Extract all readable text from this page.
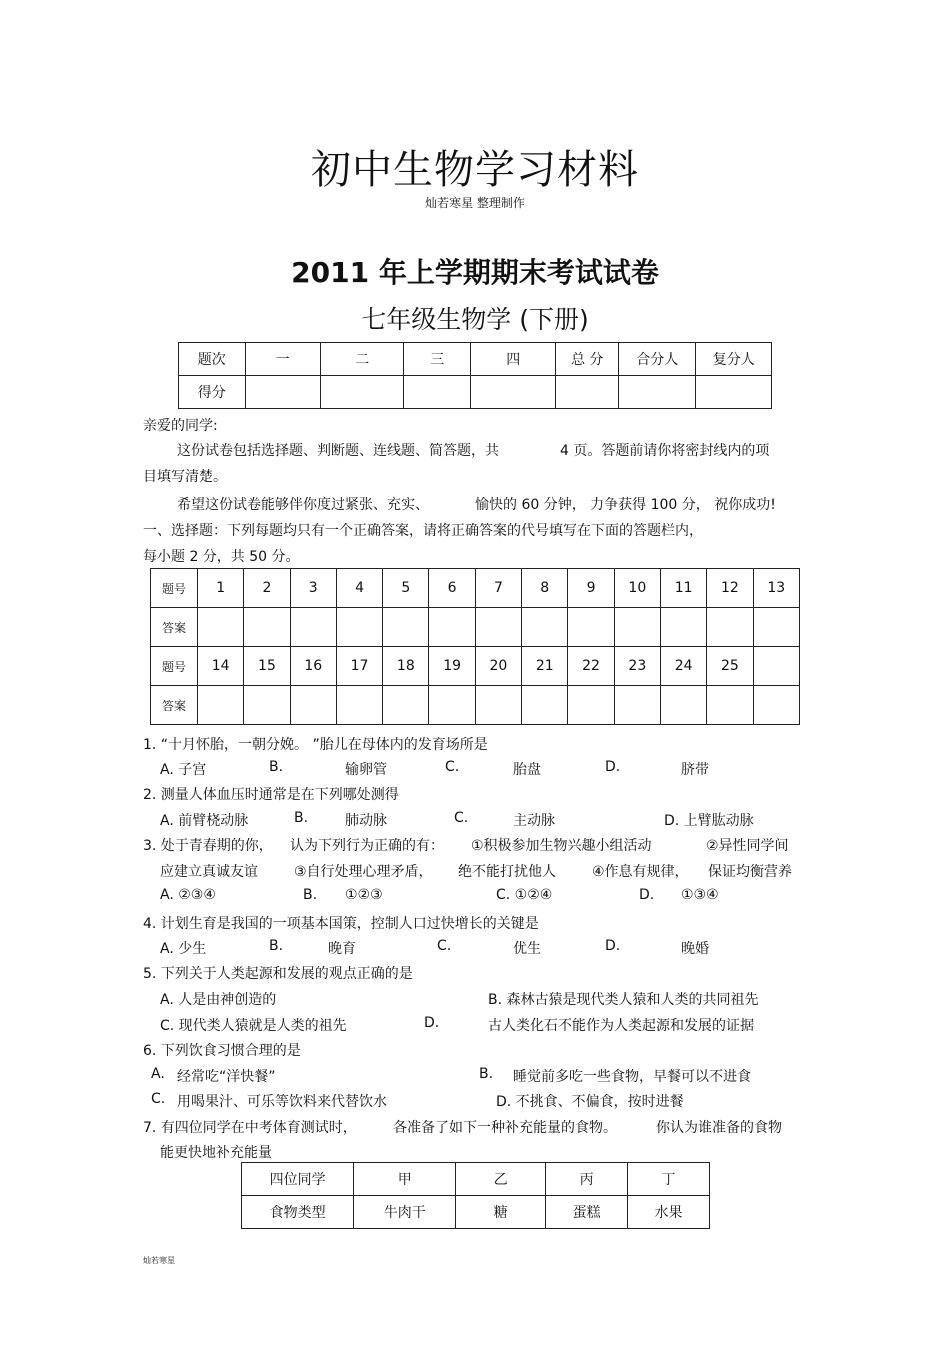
初中生物学习材料
灿若寒星 整理制作
2011 年上学期期末考试试卷
七年级生物学 (下册)
题次	一	二	三	四	总 分	合分人	复分人
得分							
亲爱的同学:
这份试卷包括选择题、判断题、连线题、简答题，共	4 页。答题前请你将密封线内的项
目填写清楚。
希望这份试卷能够伴你度过紧张、充实、	愉快的 60 分钟， 力争获得 100 分， 祝你成功!
一、选择题：下列每题均只有一个正确答案，请将正确答案的代号填写在下面的答题栏内，
每小题 2 分，共 50 分。
题号	1	2	3	4	5	6	7	8	9	10	11	12	13
答案													
题号	14	15	16	17	18	19	20	21	22	23	24	25	
答案													
1. “十月怀胎，一朝分娩。 ”胎儿在母体内的发育场所是
A. 子宫	B.	输卵管	C.	胎盘	D.	脐带
2. 测量人体血压时通常是在下列哪处测得
A. 前臂桡动脉	B.	肺动脉	C.	主动脉	D. 上臂肱动脉
3. 处于青春期的你， 认为下列行为正确的有： ①积极参加生物兴趣小组活动	②异性同学间
应建立真诚友谊	③自行处理心理矛盾， 绝不能打扰他人	④作息有规律， 保证均衡营养
A. ②③④	B. ①②③	C. ①②④	D. ①③④
4. 计划生育是我国的一项基本国策，控制人口过快增长的关键是
A. 少生	B.	晚育	C.	优生	D.	晚婚
5. 下列关于人类起源和发展的观点正确的是
A. 人是由神创造的	B. 森林古猿是现代类人猿和人类的共同祖先
C. 现代类人猿就是人类的祖先	D.	古人类化石不能作为人类起源和发展的证据
6. 下列饮食习惯合理的是
A. 经常吃“洋快餐”	B. 睡觉前多吃一些食物，早餐可以不进食
C. 用喝果汁、可乐等饮料来代替饮水	D. 不挑食、不偏食，按时进餐
7. 有四位同学在中考体育测试时，	各准备了如下一种补充能量的食物。	你认为谁准备的食物
能更快地补充能量
四位同学	甲	乙	丙	丁
食物类型	牛肉干	糖	蛋糕	水果
灿若寒星
